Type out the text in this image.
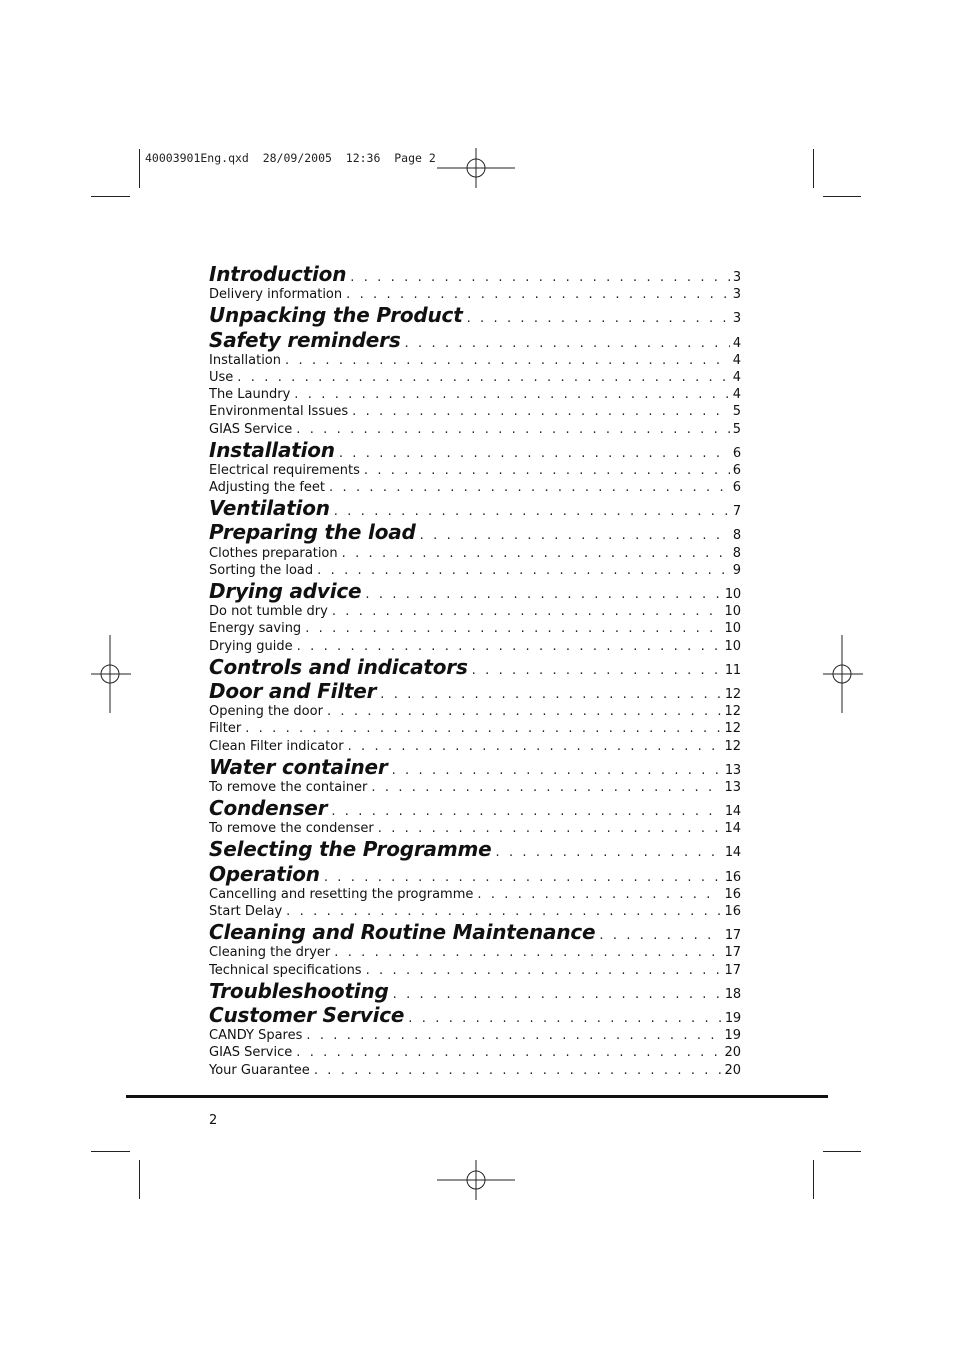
40003901Eng.qxd  28/09/2005  12:36  Page 2
Introduction . . .	3
Delivery information . . .	3
Unpacking the Product . . .	3
Safety reminders . . .	4
Installation . . .	4
Use . . .	4
The Laundry . . .	4
Environmental Issues . . .	5
GIAS Service . . .	5
Installation . . .	6
Electrical requirements . . .	6
Adjusting the feet . . .	6
Ventilation . . .	7
Preparing the load . . .	8
Clothes preparation . . .	8
Sorting the load . . .	9
Drying advice . . .	10
Do not tumble dry . . .	10
Energy saving . . .	10
Drying guide . . .	10
Controls and indicators . . .	11
Door and Filter . . .	12
Opening the door . . .	12
Filter . . .	12
Clean Filter indicator . . .	12
Water container . . .	13
To remove the container . . .	13
Condenser . . .	14
To remove the condenser . . .	14
Selecting the Programme . . .	14
Operation . . .	16
Cancelling and resetting the programme . . .	16
Start Delay . . .	16
Cleaning and Routine Maintenance . . .	17
Cleaning the dryer . . .	17
Technical specifications . . .	17
Troubleshooting . . .	18
Customer Service . . .	19
CANDY Spares . . .	19
GIAS Service . . .	20
Your Guarantee . . .	20
2
